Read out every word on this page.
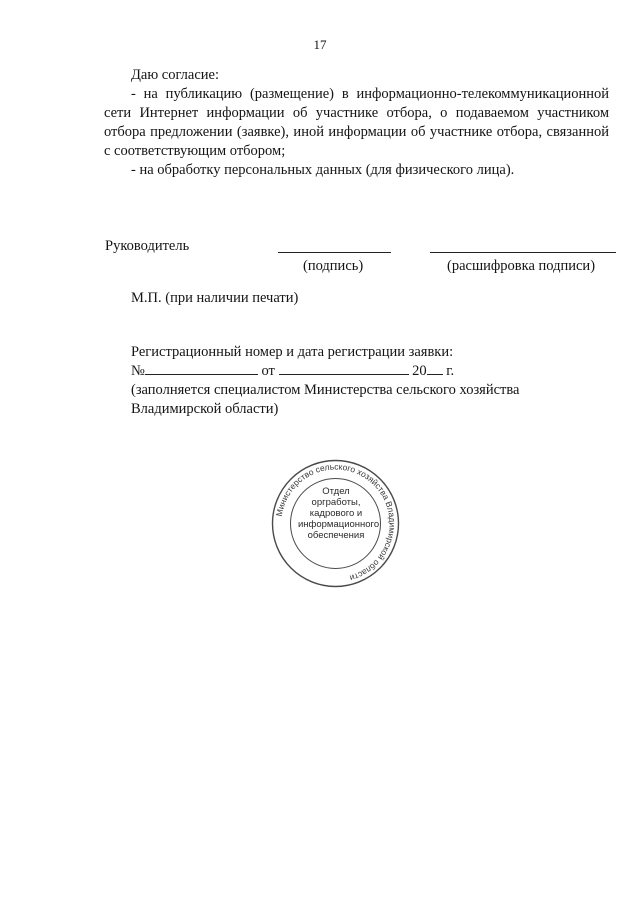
17
Даю согласие:
- на публикацию (размещение) в информационно-телекоммуникационной
сети Интернет информации об участнике отбора, о подаваемом участником
отбора предложении (заявке), иной информации об участнике отбора, связанной
с соответствующим отбором;
- на обработку персональных данных (для физического лица).
Руководитель
(подпись)	(расшифровка подписи)
М.П. (при наличии печати)
Регистрационный номер и дата регистрации заявки:
№	от	20 г.
(заполняется специалистом Министерства сельского хозяйства
Владимирской области)
Министерство сельского хозяйства Владимирской области
Отдел
оргработы,
кадрового и
информационного
обеспечения
